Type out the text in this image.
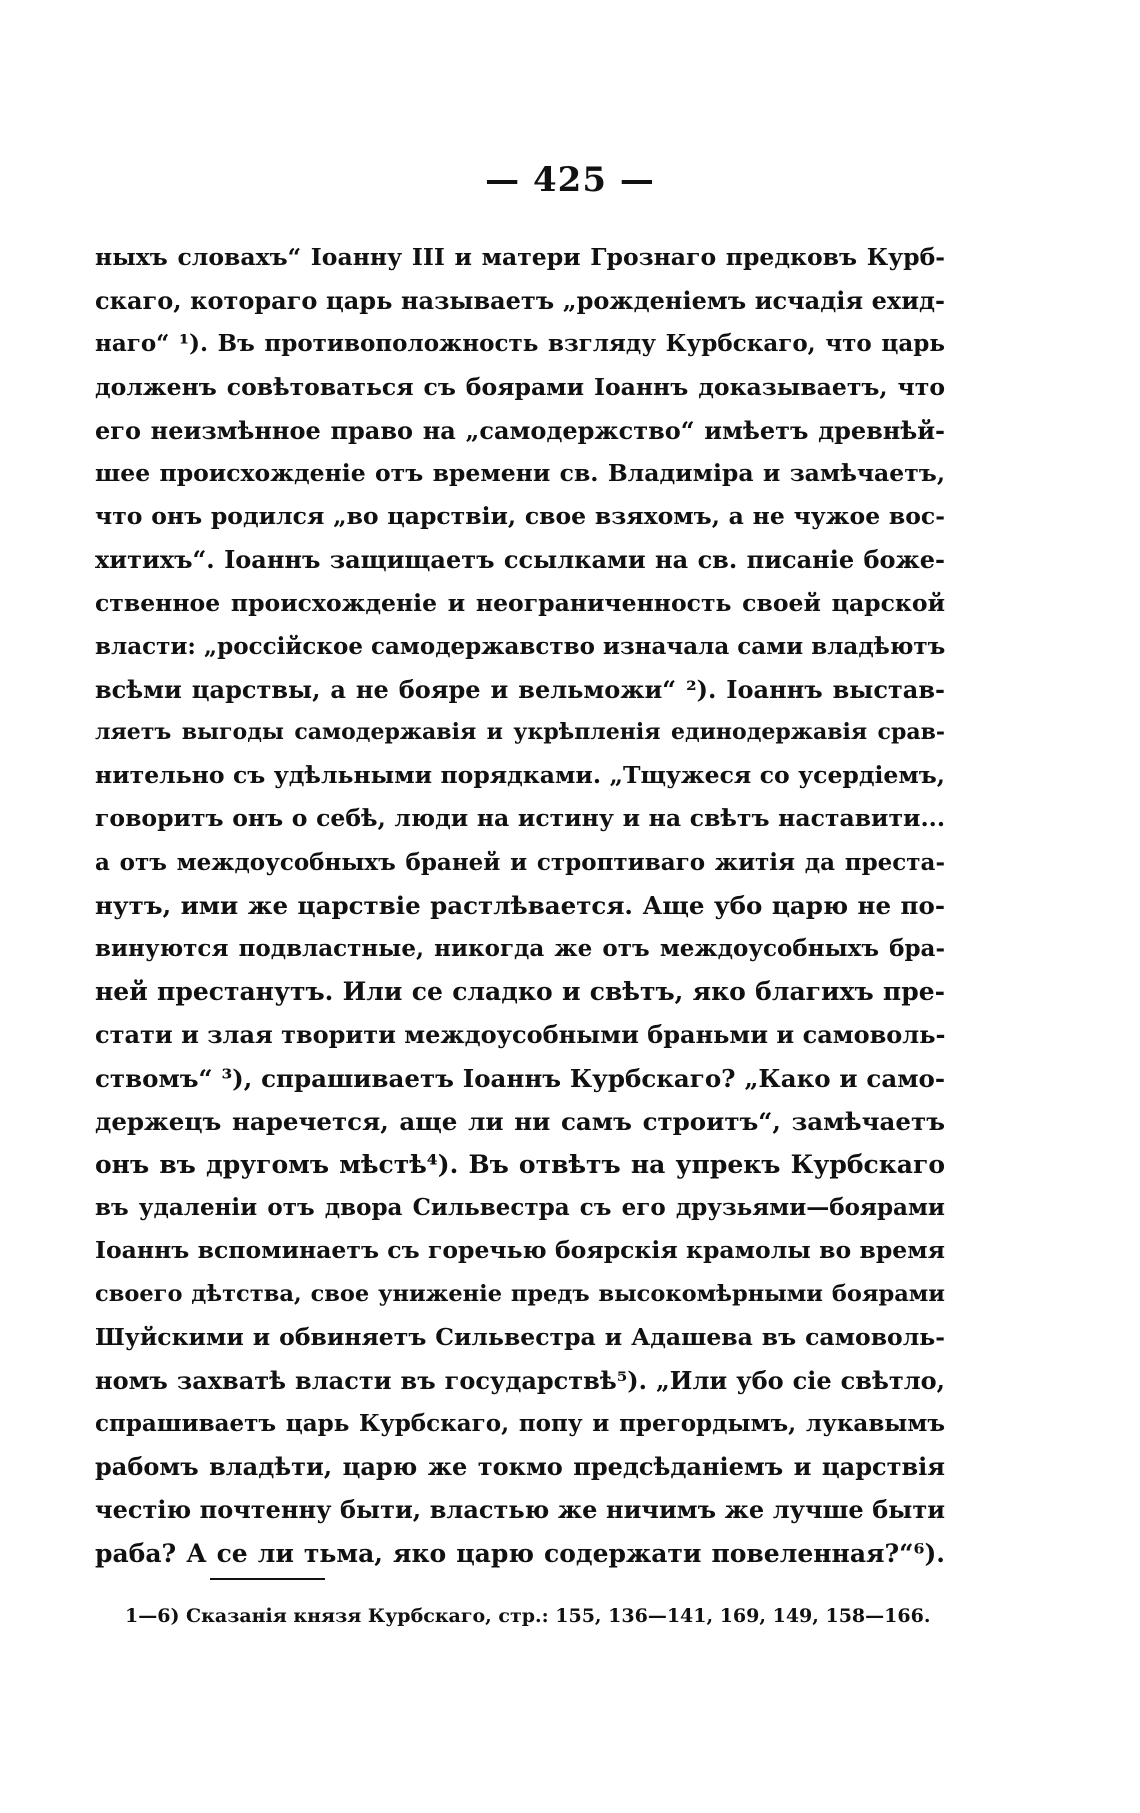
— 425 —
ныхъ словахъ“ Іоанну III и матери Грознаго предковъ Курб-
скаго, котораго царь называетъ „рожденіемъ исчадія ехид-
наго“ ¹). Въ противоположность взгляду Курбскаго, что царь
долженъ совѣтоваться съ боярами Іоаннъ доказываетъ, что
его неизмѣнное право на „самодержство“ имѣетъ древнѣй-
шее происхожденіе отъ времени св. Владиміра и замѣчаетъ,
что онъ родился „во царствіи, свое взяхомъ, а не чужое вос-
хитихъ“. Іоаннъ защищаетъ ссылками на св. писаніе боже-
ственное происхожденіе и неограниченность своей царской
власти: „россійское самодержавство изначала сами владѣютъ
всѣми царствы, а не бояре и вельможи“ ²). Іоаннъ выстав-
ляетъ выгоды самодержавія и укрѣпленія единодержавія срав-
нительно съ удѣльными порядками. „Тщужеся со усердіемъ,
говоритъ онъ о себѣ, люди на истину и на свѣтъ наставити...
а отъ междоусобныхъ браней и строптиваго житія да преста-
нутъ, ими же царствіе растлѣвается. Аще убо царю не по-
винуются подвластные, никогда же отъ междоусобныхъ бра-
ней престанутъ. Или се сладко и свѣтъ, яко благихъ пре-
стати и злая творити междоусобными браньми и самоволь-
ствомъ“ ³), спрашиваетъ Іоаннъ Курбскаго? „Како и само-
держецъ наречется, аще ли ни самъ строитъ“, замѣчаетъ
онъ въ другомъ мѣстѣ⁴). Въ отвѣтъ на упрекъ Курбскаго
въ удаленіи отъ двора Сильвестра съ его друзьями—боярами
Іоаннъ вспоминаетъ съ горечью боярскія крамолы во время
своего дѣтства, свое униженіе предъ высокомѣрными боярами
Шуйскими и обвиняетъ Сильвестра и Адашева въ самоволь-
номъ захватѣ власти въ государствѣ⁵). „Или убо сіе свѣтло,
спрашиваетъ царь Курбскаго, попу и прегордымъ, лукавымъ
рабомъ владѣти, царю же токмо предсѣданіемъ и царствія
честію почтенну быти, властью же ничимъ же лучше быти
раба? А се ли тьма, яко царю содержати повеленная?“⁶).
1—6) Сказанія князя Курбскаго, стр.: 155, 136—141, 169, 149, 158—166.
